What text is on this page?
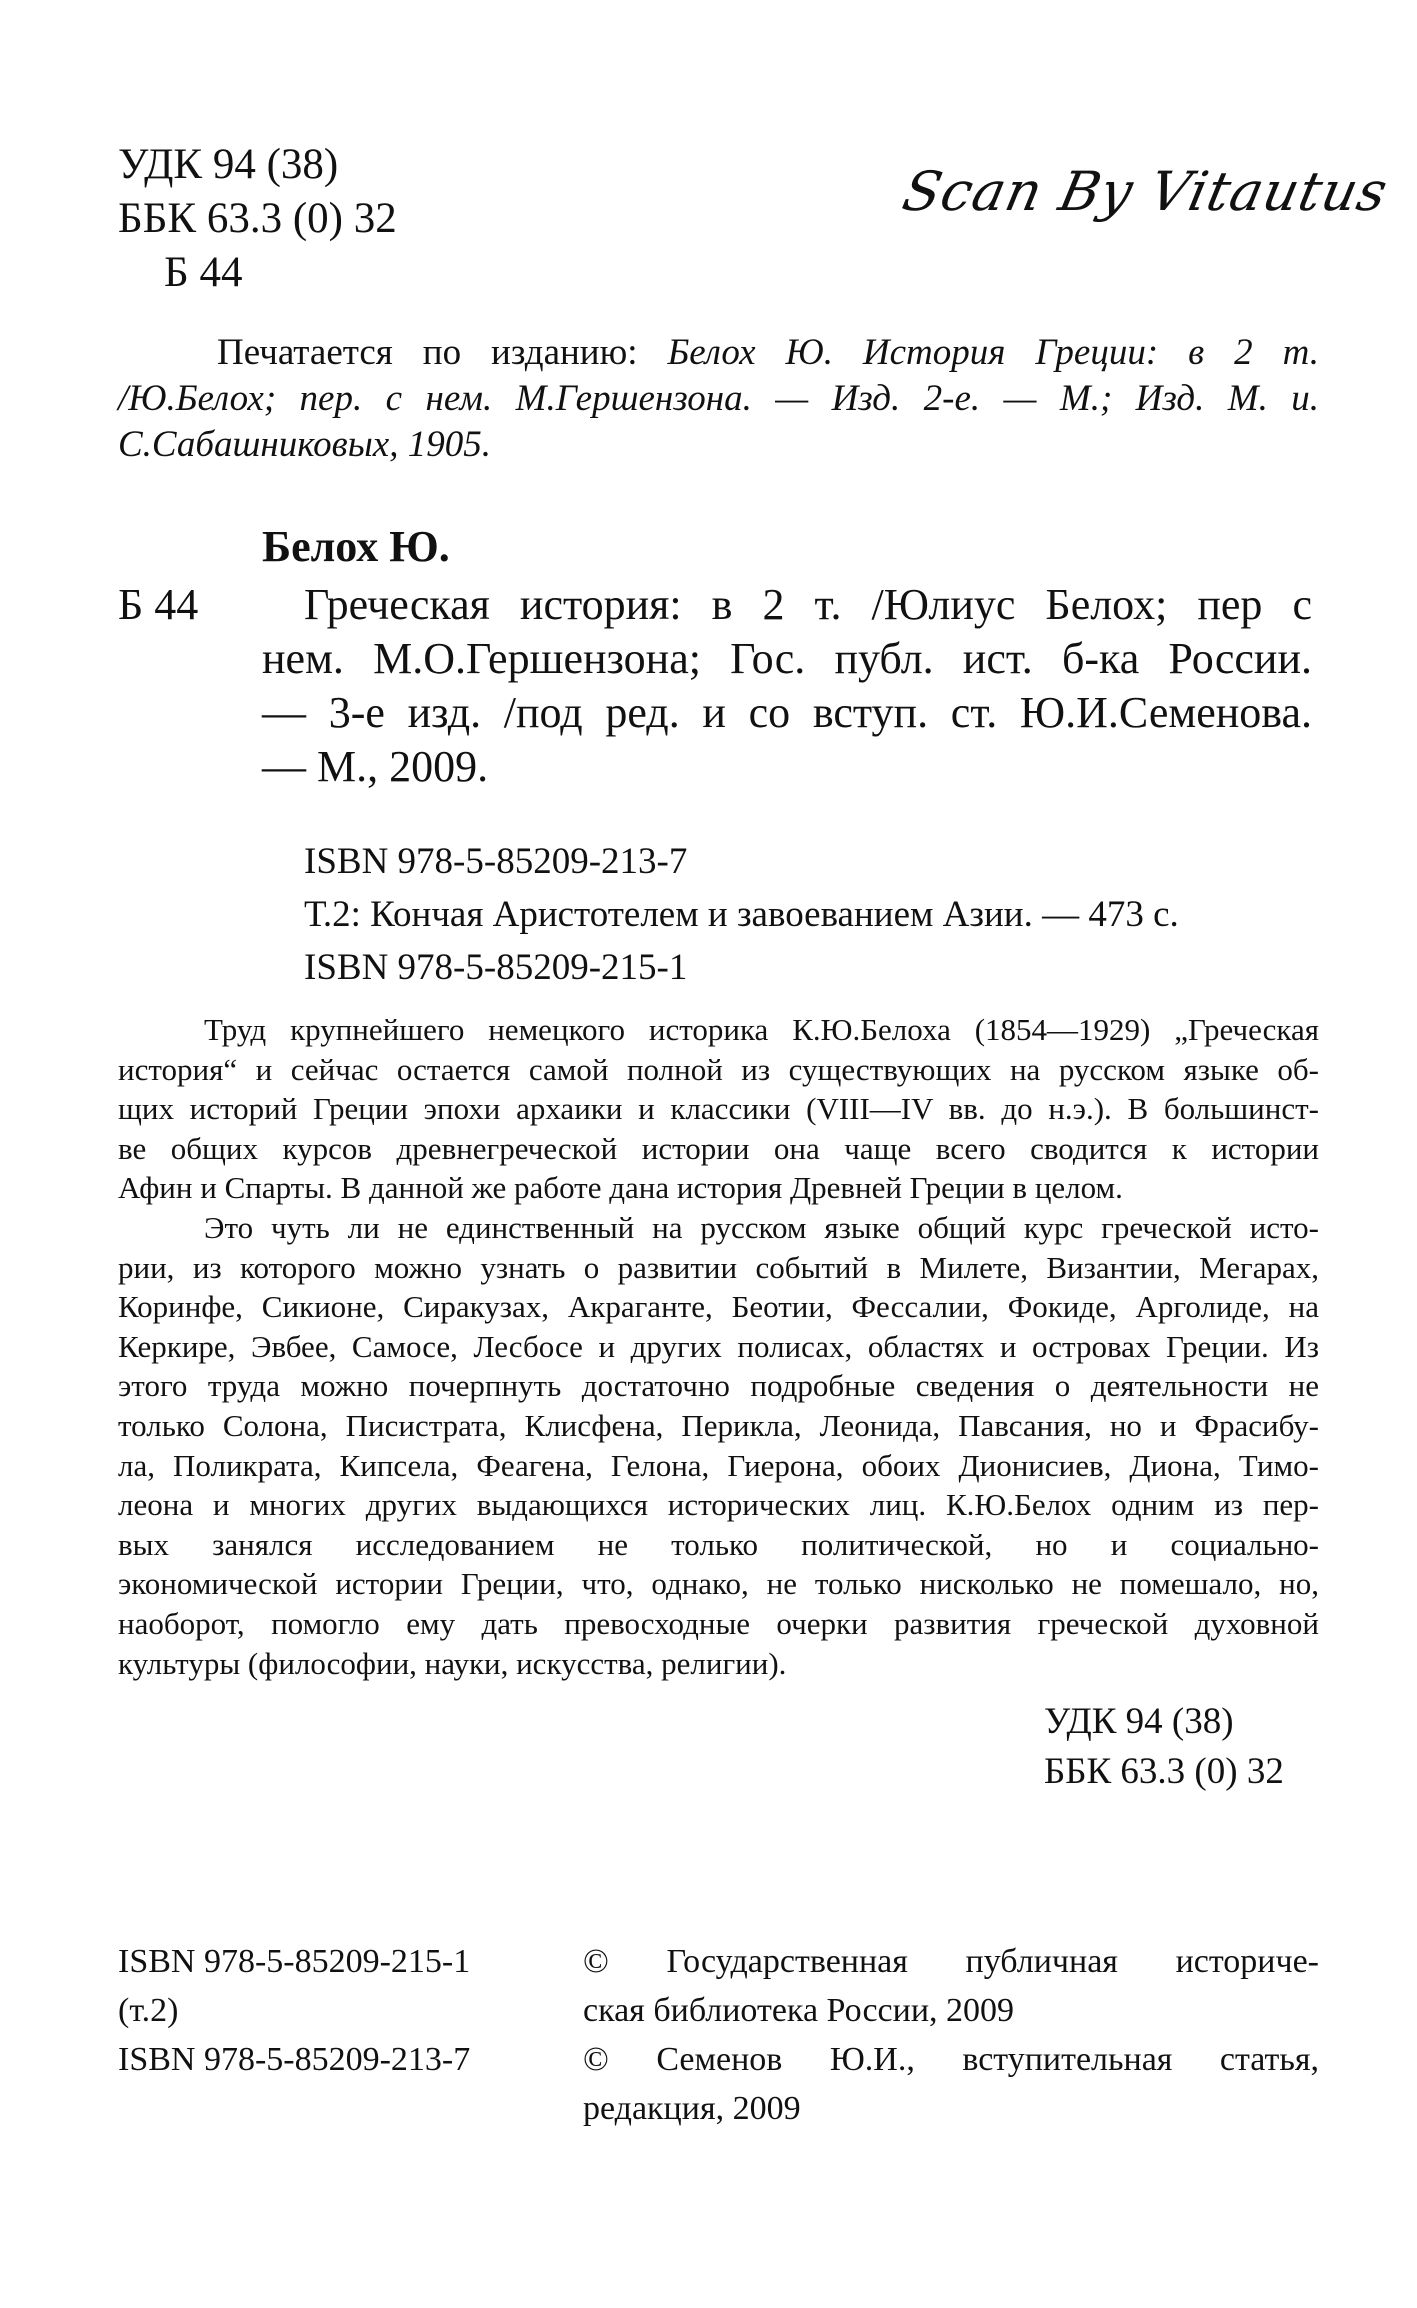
УДК 94 (38)
ББК 63.3 (0) 32
Б 44
Scan By Vitautus
Печатается по изданию: Белох Ю. История Греции: в 2 т.
/Ю.Белох; пер. с нем. М.Гершензона. — Изд. 2-е. — М.; Изд. М. и.
С.Сабашниковых, 1905.
Белох Ю.
Б 44	Греческая история: в 2 т. /Юлиус Белох; пер с
нем. М.О.Гершензона; Гос. публ. ист. б-ка России.
— 3-е изд. /под ред. и со вступ. ст. Ю.И.Семенова.
— М., 2009.
ISBN 978-5-85209-213-7
Т.2: Кончая Аристотелем и завоеванием Азии. — 473 с.
ISBN 978-5-85209-215-1
Труд крупнейшего немецкого историка К.Ю.Белоха (1854—1929) „Греческая
история“ и сейчас остается самой полной из существующих на русском языке об-
щих историй Греции эпохи архаики и классики (VIII—IV вв. до н.э.). В большинст-
ве общих курсов древнегреческой истории она чаще всего сводится к истории
Афин и Спарты. В данной же работе дана история Древней Греции в целом.
Это чуть ли не единственный на русском языке общий курс греческой исто-
рии, из которого можно узнать о развитии событий в Милете, Византии, Мегарах,
Коринфе, Сикионе, Сиракузах, Акраганте, Беотии, Фессалии, Фокиде, Арголиде, на
Керкире, Эвбее, Самосе, Лесбосе и других полисах, областях и островах Греции. Из
этого труда можно почерпнуть достаточно подробные сведения о деятельности не
только Солона, Писистрата, Клисфена, Перикла, Леонида, Павсания, но и Фрасибу-
ла, Поликрата, Кипсела, Феагена, Гелона, Гиерона, обоих Дионисиев, Диона, Тимо-
леона и многих других выдающихся исторических лиц. К.Ю.Белох одним из пер-
вых занялся исследованием не только политической, но и социально-
экономической истории Греции, что, однако, не только нисколько не помешало, но,
наоборот, помогло ему дать превосходные очерки развития греческой духовной
культуры (философии, науки, искусства, религии).
УДК 94 (38)
ББК 63.3 (0) 32
ISBN 978-5-85209-215-1
(т.2)
ISBN 978-5-85209-213-7
© Государственная публичная историче-
ская библиотека России, 2009
© Семенов Ю.И., вступительная статья,
редакция, 2009
